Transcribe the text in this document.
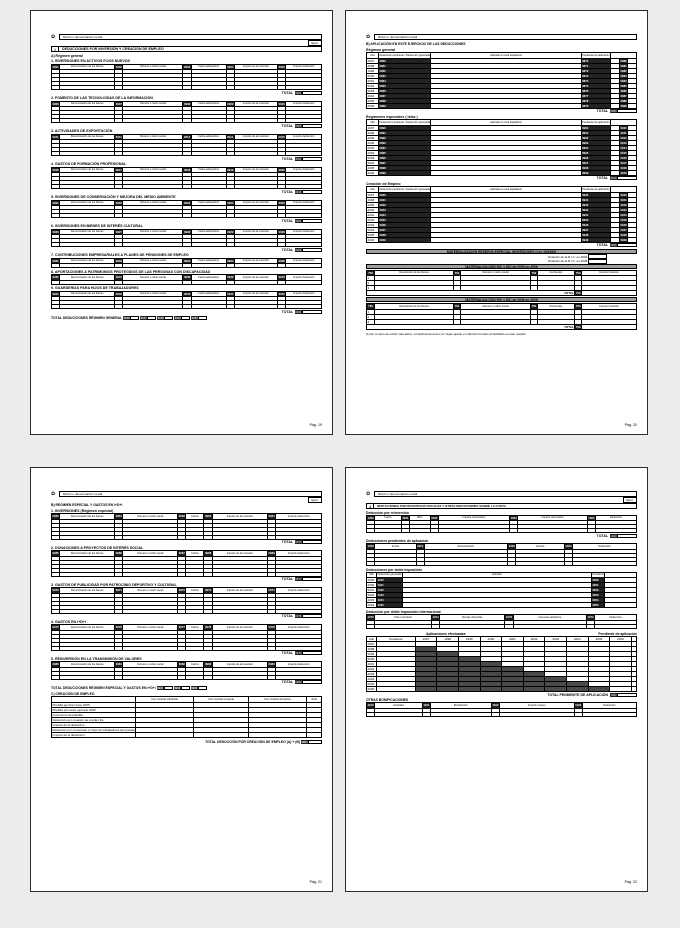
✿	Razón o denominación social
Ejerc.
I	DEDUCCIONES POR INVERSIÓN Y CREACIÓN DE EMPLEO
A) Régimen general
1. INVERSIONES EN ACTIVOS FIJOS NUEVOS
0901	Denominación de los bienes	0902	Número o razón social	0903	Fecha adquisición	0904	Importe de la inversión	0905	Importe deducción

TOTAL 0901
2. FOMENTO DE LAS TECNOLOGÍAS DE LA INFORMACIÓN
0906	Denominación de los bienes	0907	Número o razón social	0908	Fecha adquisición	0909	Importe de la inversión	0910	Importe deducción

TOTAL 0906
3. ACTIVIDADES DE EXPORTACIÓN
0911	Denominación de los bienes	0912	Número o razón social	0913	Fecha adquisición	0914	Importe de la inversión	0915	Importe deducción

TOTAL 0911
4. GASTOS DE FORMACIÓN PROFESIONAL
0916	Denominación de los bienes	0917	Número o razón social	0918	Fecha adquisición	0919	Importe de la inversión	0920	Importe deducción

TOTAL 0916
5. INVERSIONES DE CONSERVACIÓN Y MEJORA DEL MEDIO AMBIENTE
0921	Denominación de los bienes	0922	Número o razón social	0923	Fecha adquisición	0924	Importe de la inversión	0925	Importe deducción

TOTAL 0921
6. INVERSIONES EN BIENES DE INTERÉS CULTURAL
0926	Denominación de los bienes	0927	Número o razón social	0928	Fecha adquisición	0929	Importe de la inversión	0930	Importe deducción

TOTAL 0926
7. CONTRIBUCIONES EMPRESARIALES A PLANES DE PENSIONES DE EMPLEO
0931	Denominación de los bienes	0932	Número o razón social	0933	Fecha adquisición	0934	Importe de la inversión	0935	Importe deducción

8. APORTACIONES A PATRIMONIOS PROTEGIDOS DE LAS PERSONAS CON DISCAPACIDAD
0936	Denominación de los bienes	0937	Número o razón social	0938	Fecha adquisición	0939	Importe de la inversión	0940	Importe deducción

9. GUARDERÍAS PARA HIJOS DE TRABAJADORES
0941	Denominación de los bienes	0942	Número o razón social	0943	Fecha adquisición	0944	Importe de la inversión	0945	Importe deducción

TOTAL 0941
TOTAL DEDUCCIONES RÉGIMEN GENERAL 0946	0947	0948	0949	0950
Pág. 19
✿	Razón o denominación social
B) APLICACIÓN EN ESTE EJERCICIO DE LAS DEDUCCIONES
Régimen general
Año	Deducción pendiente / Deducción generada	Aplicado en esta liquidación	Pendiente de aplicación			
1997	0860		0870		0880	
1998	0861		0871		0881	
1999	0862		0872		0882	
2000	0863		0873		0883	
2001	0864		0874		0884	
2002	0865		0875		0885	
2003	0866		0876		0886	
2004	0867		0877		0887	
2005	0868		0878		0888	
2006	0869		0879		0889	
TOTAL 0889
Regímenes especiales ( Islas )
Año	Deducción pendiente / Deducción generada	Aplicado en esta liquidación	Pendiente de aplicación			
1997	0890		0900		0910	
1998	0891		0901		0911	
1999	0892		0902		0912	
2000	0893		0903		0913	
2001	0894		0904		0914	
2002	0895		0905		0915	
2003	0896		0906		0916	
2004	0897		0907		0917	
2005	0898		0908		0918	
2006	0899		0909		0919	
TOTAL 0919
Creación de Empleo
Año	Deducción pendiente / Deducción generada	Aplicado en esta liquidación	Pendiente de aplicación			
1997	0920		0930		0940	
1998	0921		0931		0941	
1999	0922		0932		0942	
2000	0923		0933		0943	
2001	0924		0934		0944	
2002	0925		0935		0945	
2003	0926		0936		0946	
2004	0927		0937		0947	
2005	0928		0938		0948	
2006	0929		0939		0949	
TOTAL 0949
MATERIALIZACIÓN RESERVA ESPECIAL INVERSIONES (Ley 19/1994)
Dotación de la R.I.C. en 2004
Dotación de la R.I.C. en 2005
MATERIALIZACIÓN RIC y DIC de 2005 en 2006
750	Descripción de los bienes	751	Número o razón social	752	Fecha adq.	753	Importe inversión
1.							
2.							
3.							
TOTAL						759	
MATERIALIZACIÓN RIC y DIC de 2006 en 2006
760	Descripción de los bienes	761	Número o razón social	762	Fecha adq.	763	Importe inversión
1.							
2.							
3.							
TOTAL						769	
(1) En el caso de existir más datos, cumplimentar anexo en hojas aparte en idéntico formato al facilitado en este modelo
Pág. 20
✿	Razón o denominación social
Ejerc.
B) RÉGIMEN ESPECIAL Y GASTOS EN I+D+i
1. INVERSIONES (Régimen especial)
0960	Denominación de los bienes	0961	Número o razón social	0962	Fecha	0963	Importe de la inversión	0964	Importe deducción

TOTAL 0976
2. DONACIONES A PROYECTOS DE INTERÉS SOCIAL
0965	Denominación de los bienes	0966	Número o razón social	0967	Fecha	0968	Importe de la inversión	0969	Importe deducción

TOTAL 0977
3. GASTOS DE PUBLICIDAD POR PATROCINIO DEPORTIVO Y CULTURAL
0970	Denominación de los bienes	0971	Número o razón social	0972	Fecha	0973	Importe de la inversión	0974	Importe deducción

TOTAL 0978
4. GASTOS EN I+D+i
0975	Denominación de los bienes	0976	Número o razón social	0977	Fecha	0978	Importe de la inversión	0979	Importe deducción

TOTAL 0979
5. REINVERSIÓN EN LA TRANSMISIÓN DE VALORES
0980	Denominación de los bienes	0981	Número o razón social	0982	Fecha	0983	Importe de la inversión	0984	Importe deducción

TOTAL 0980
TOTAL DEDUCCIONES RÉGIMEN ESPECIAL Y GASTOS EN I+D+i 0981	0982	0983
C) CREACIÓN DE EMPLEO
	Con contrato indefinido	Con contrato temporal	Con contrato formación	Total
Plantilla ejercicio base 2005				
Plantilla promedio ejercicio 2006				
Incremento de plantilla				
Deducción por creación de empleo fijo				
Importe de la deducción				
Deducción por conversión en fijos de trabajadores temporales				
Importe de la deducción				
TOTAL DEDUCCIÓN POR CREACIÓN DE EMPLEO (A) + (B) 0984
Pág. 21
✿	Razón o denominación social
Ejerc.
J	DEDUCCIONES POR INCENTIVOS FISCALES Y OTRAS DEDUCCIONES SOBRE LA CUOTA
Deducción por reinversión
1000	Fecha	1001	Bien	1002	Importe transmisión	1003	Importe reinversión	1004	Deducción

TOTAL 1010
Deducciones pendientes de aplicación
1020	Fecha	1021	Denominación	1022	Importe	1023	Deducción

Deducciones por doble imposición
Año	Deducción generada	Aplicado	Pendiente	
1999	1040		1050	
2000	1041		1051	
2001	1042		1052	
2002	1043		1053	
2003	1044		1054	
2004	1045		1055	
Deducción por doble imposición internacional
1070	Pais o territorio	1071	Rentas obtenidas	1072	Impuesto satisfecho	1073	Deducción

Aplicaciones efectuadas	Pendiente de aplicación
Año	Pendiente	1997	1998	1999	2000	2001	2002	2003	2004	2005	2006	
1997												
1998												
1999												
2000												
2001												
2002												
2003												
2004												
2005												
2006												
TOTAL PENDIENTE DE APLICACIÓN 1090
OTRAS BONIFICACIONES
1100	Actividad	1101	Bonificación	1102	Importe íntegro	1103	Deducción

Pág. 22
